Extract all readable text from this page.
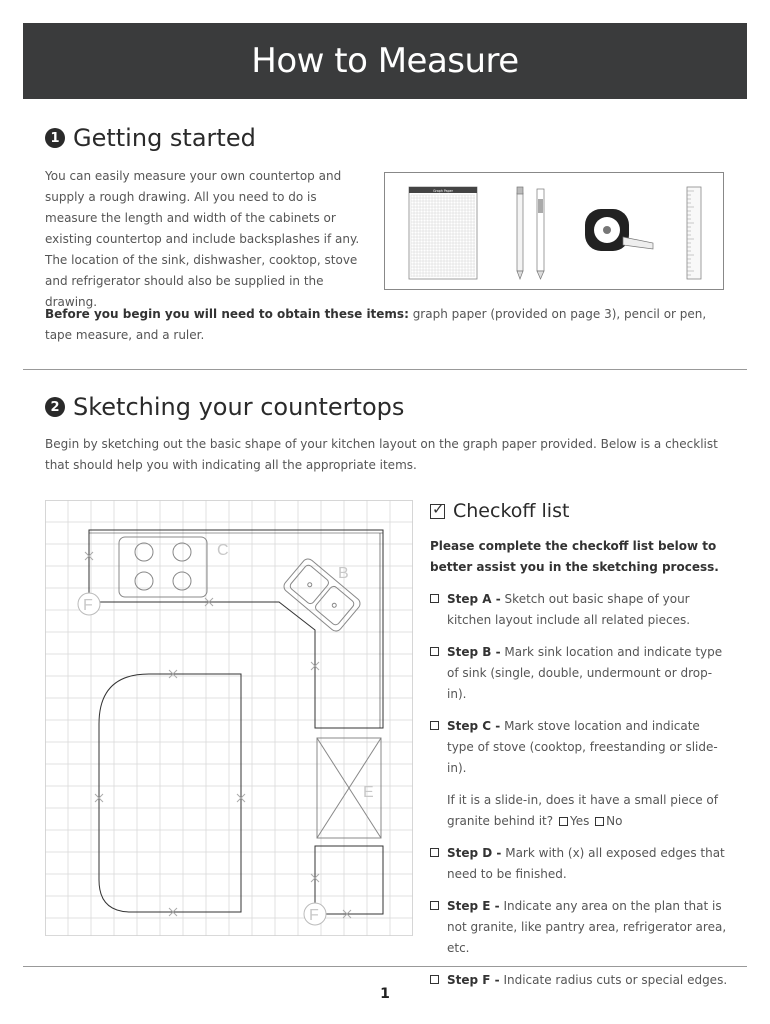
How to Measure
1 Getting started

You can easily measure your own countertop and supply a rough drawing. All you need to do is measure the length and width of the cabinets or existing countertop and include backsplashes if any. The location of the sink, dishwasher, cooktop, stove and refrigerator should also be supplied in the drawing.

Graph Paper
Before you begin you will need to obtain these items: graph paper (provided on page 3), pencil or pen, tape measure, and a ruler.
2 Sketching your countertops
Begin by sketching out the basic shape of your kitchen layout on the graph paper provided. Below is a checklist that should help you with indicating all the appropriate items.
C
B
F
E
F
✓
Checkoff list
Please complete the checkoff list below to better assist you in the sketching process.

Step A - Sketch out basic shape of your kitchen layout include all related pieces.

Step B - Mark sink location and indicate type of sink (single, double, undermount or drop-in).

Step C - Mark stove location and indicate type of stove (cooktop, freestanding or slide-in).

If it is a slide-in, does it have a small piece of granite behind it? Yes No

Step D - Mark with (x) all exposed edges that need to be finished.

Step E - Indicate any area on the plan that is not granite, like pantry area, refrigerator area, etc.

Step F - Indicate radius cuts or special edges.

1
